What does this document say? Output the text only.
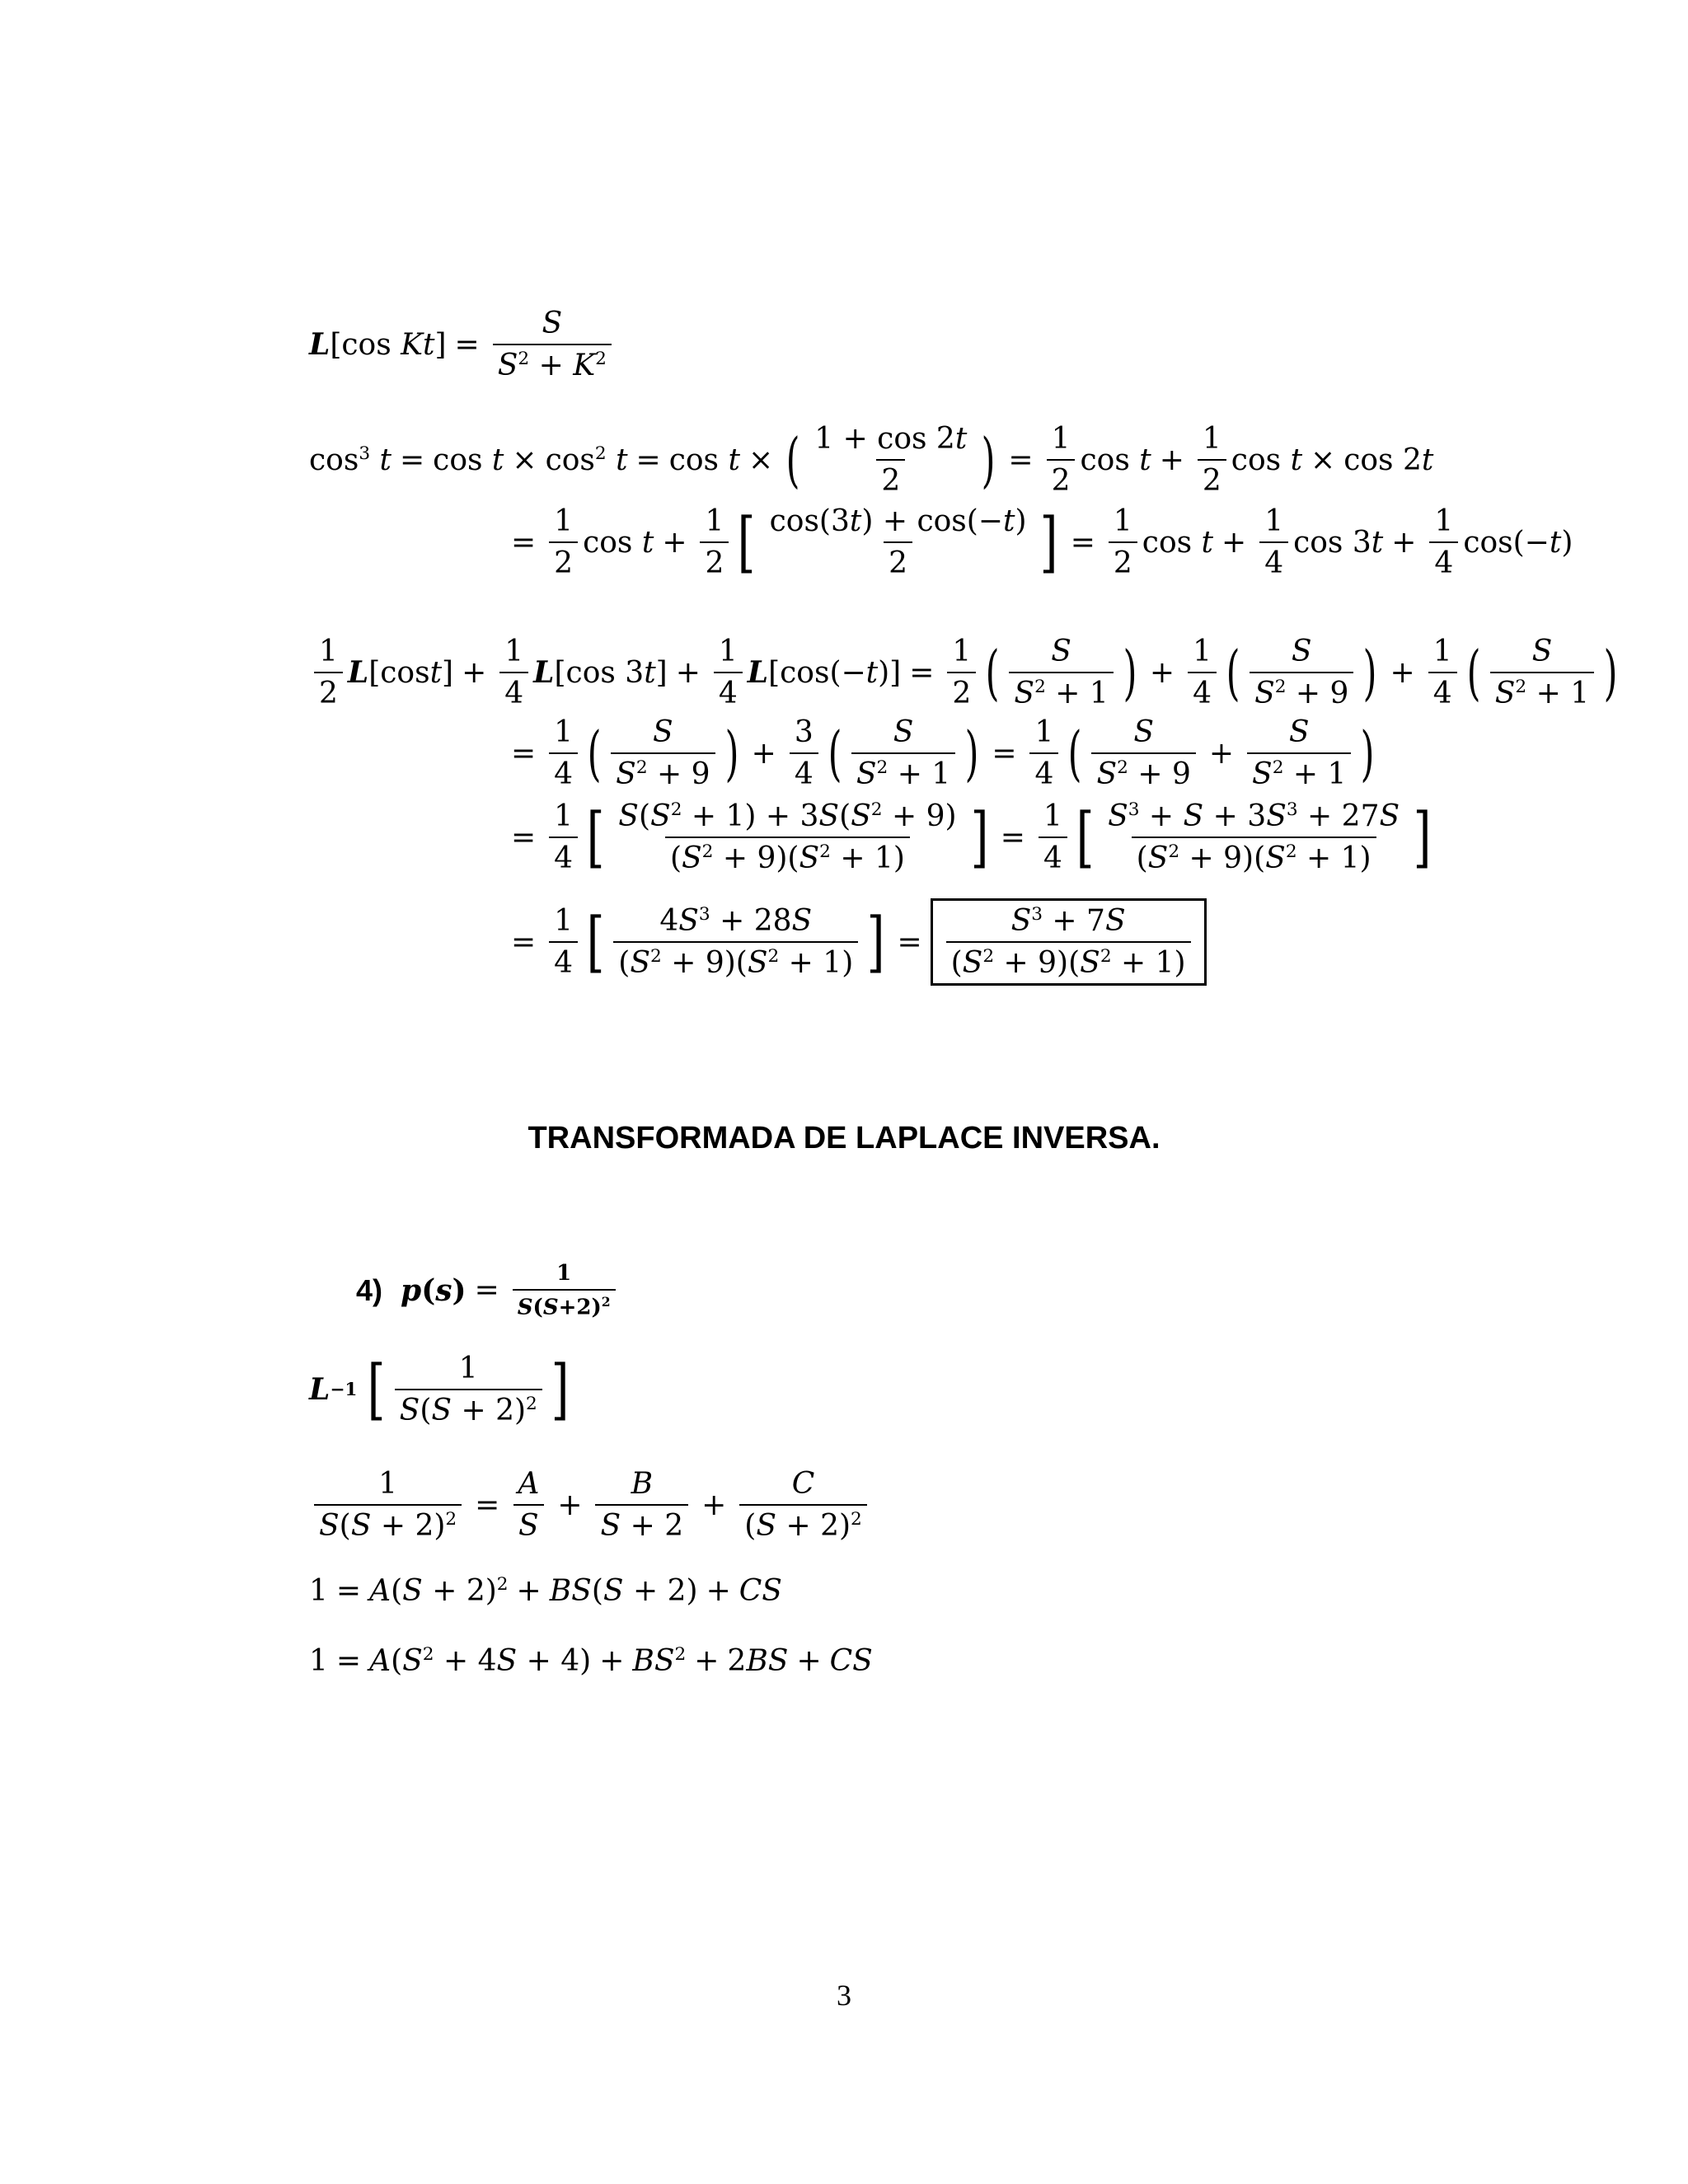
L [cos Kt ] = $\frac{S}{S^2 + K^2}$
$\cos^3 t = \cos t \times \cos^2 t = \cos t$ × ( $\frac{1 + \cos 2t}{2}$ ) = $\frac{1}{2}$ $\cos t + \frac{1}{2}$ cos t × cos 2t
= $\frac{1}{2}$ $\cos t + \frac{1}{2}$ [ $\frac{\cos(3t) + \cos(-t)}{2}$ ] = $\frac{1}{2}$ $\cos t + \frac{1}{4}$ $\cos 3t + \frac{1}{4} \cos(-t)$
$\frac{1}{2} L[\cos t] + \frac{1}{4} L[\cos$ $3t] + \frac{1}{4} L[\cos(-t)] = \frac{1}{2}$ ( $\frac{S}{S^2 + 1}$ ) + $\frac{1}{4}$ ( $\frac{S}{S^2 + 9}$ ) + $\frac{1}{4}$ ( $\frac{S}{S^2 + 1}$ )
= $\frac{1}{4}$ ( $\frac{S}{S^2 + 9}$ ) + $\frac{3}{4}$ ( $\frac{S}{S^2 + 1}$ ) = $\frac{1}{4}$ ( $\frac{S}{S^2 + 9} + \frac{S}{S^2 + 1}$ )
= $\frac{1}{4}$ [ $\frac{S(S^2 + 1) + 3S(S^2 + 9)}{(S^2 + 9)(S^2 + 1)}$ ] = $\frac{1}{4}$ [ $\frac{S^3 + S + 3S^3 + 27S}{(S^2 + 9)(S^2 + 1)}$ ]
= $\frac{1}{4}$ [ $\frac{4S^3 + 28S}{(S^2 + 9)(S^2 + 1)}$ ] = $\frac{S^3 + 7S}{(S^2 + 9)(S^2 + 1)}$
TRANSFORMADA DE LAPLACE INVERSA.
4) p ( s ) = $\frac{1}{S(S+2)^2}$
L −1 [ $\frac{1}{S(S + 2)^2}$ ]
$\frac{1}{S(S + 2)^2} = \frac{A}{S} + \frac{B}{S + 2} + \frac{C}{(S + 2)^2}$
$1 = A(S + 2)^2 + BS(S + 2)$ + CS
$1 = A(S^2 + 4S + 4) + BS^2 + 2BS$ + CS
3
